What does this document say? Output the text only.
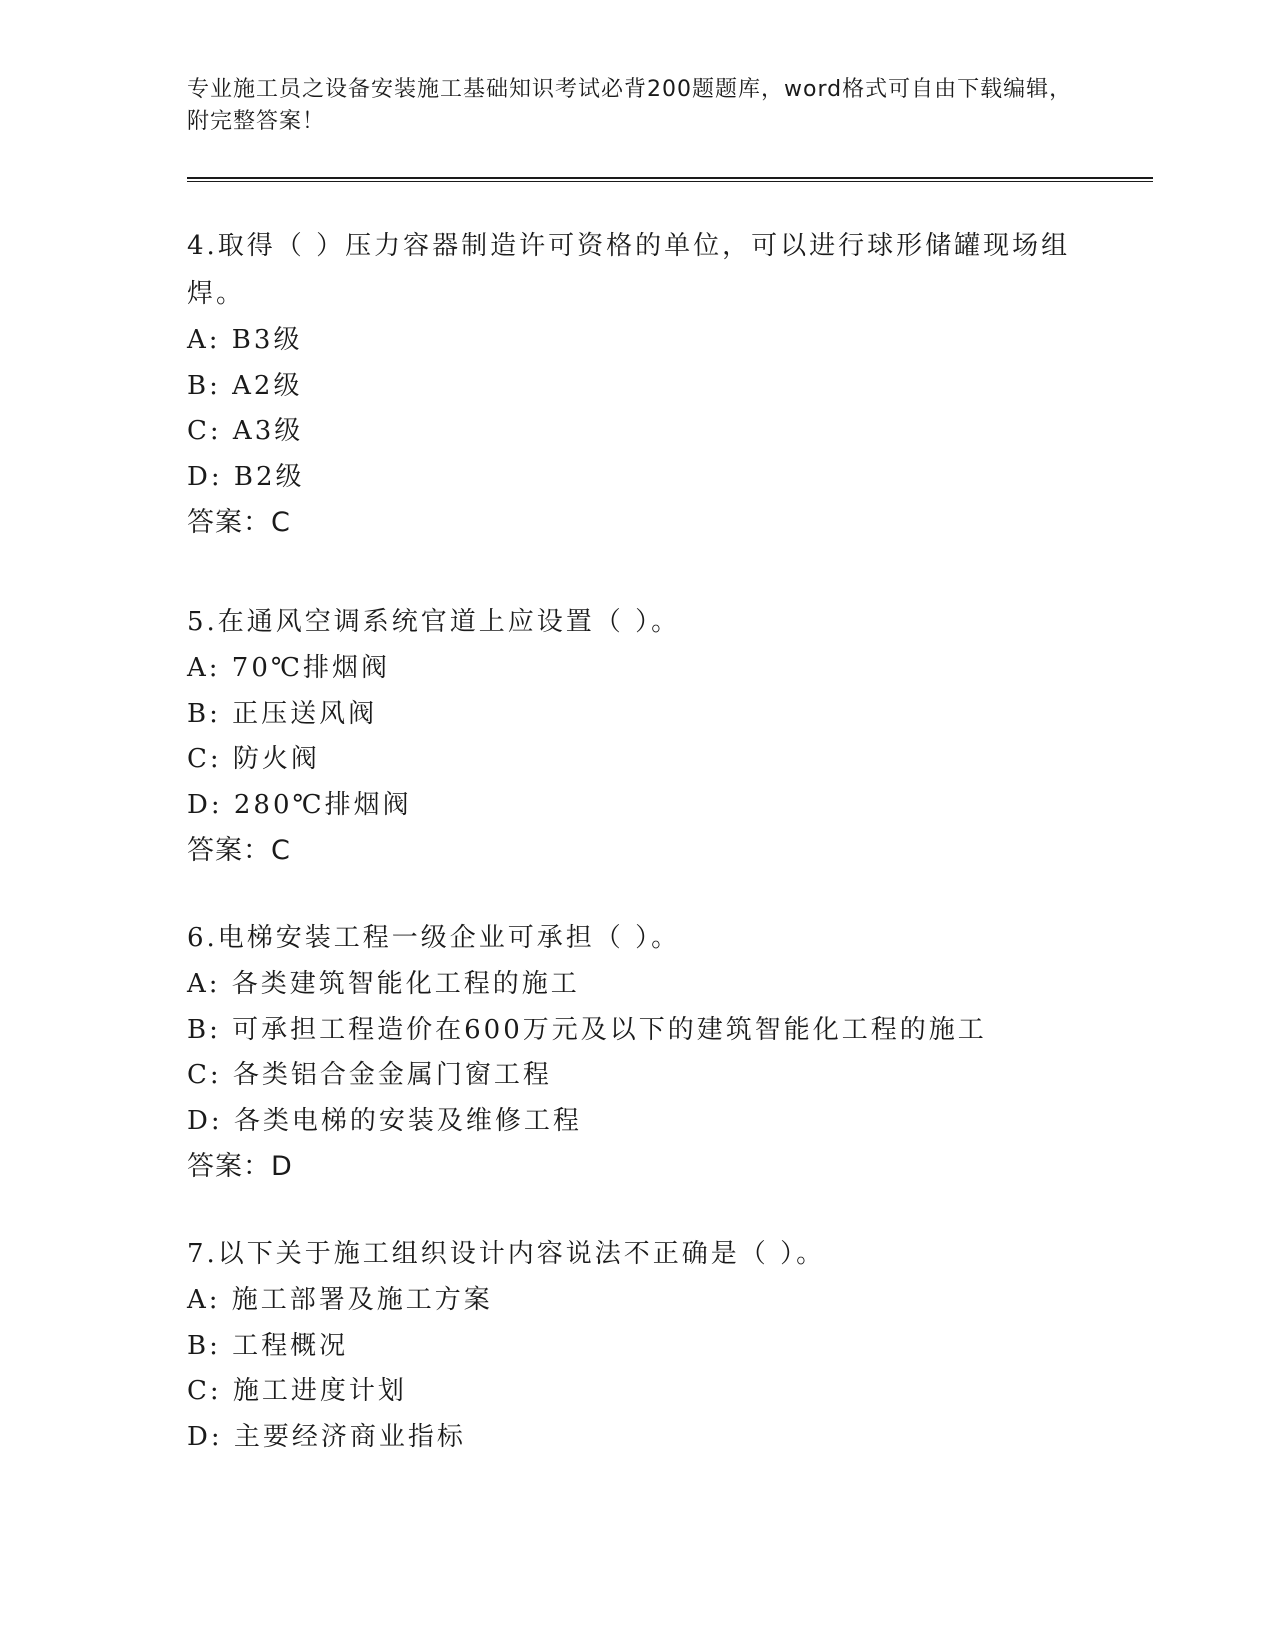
专业施工员之设备安装施工基础知识考试必背200题题库，word格式可自由下载编辑，附完整答案！

4.取得（ ）压力容器制造许可资格的单位，可以进行球形储罐现场组焊。

A: B3级

B: A2级

C: A3级

D: B2级

答案：C

5.在通风空调系统官道上应设置（ ）。

A: 70℃排烟阀

B: 正压送风阀

C: 防火阀

D: 280℃排烟阀

答案：C

6.电梯安装工程一级企业可承担（ ）。

A: 各类建筑智能化工程的施工

B: 可承担工程造价在600万元及以下的建筑智能化工程的施工

C: 各类铝合金金属门窗工程

D: 各类电梯的安装及维修工程

答案：D

7.以下关于施工组织设计内容说法不正确是（ ）。

A: 施工部署及施工方案

B: 工程概况

C: 施工进度计划

D: 主要经济商业指标
